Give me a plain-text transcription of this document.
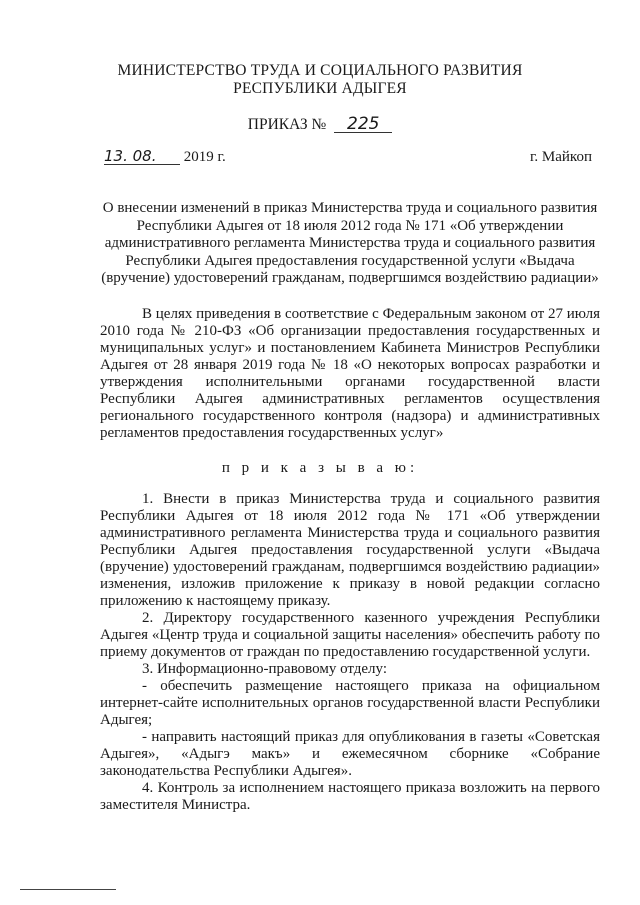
МИНИСТЕРСТВО ТРУДА И СОЦИАЛЬНОГО РАЗВИТИЯ
РЕСПУБЛИКИ АДЫГЕЯ
ПРИКАЗ № 225
13. 08. 2019 г.	г. Майкоп
О внесении изменений в приказ Министерства труда и социального развития Республики Адыгея от 18 июля 2012 года № 171 «Об утверждении административного регламента Министерства труда и социального развития Республики Адыгея предоставления государственной услуги «Выдача (вручение) удостоверений гражданам, подвергшимся воздействию радиации»

В целях приведения в соответствие с Федеральным законом от 27 июля 2010 года № 210-ФЗ «Об организации предоставления государственных и муниципальных услуг» и постановлением Кабинета Министров Республики Адыгея от 28 января 2019 года № 18 «О некоторых вопросах разработки и утверждения исполнительными органами государственной власти Республики Адыгея административных регламентов осуществления регионального государственного контроля (надзора) и административных регламентов предоставления государственных услуг»

п р и к а з ы в а ю:

1. Внести в приказ Министерства труда и социального развития Республики Адыгея от 18 июля 2012 года № 171 «Об утверждении административного регламента Министерства труда и социального развития Республики Адыгея предоставления государственной услуги «Выдача (вручение) удостоверений гражданам, подвергшимся воздействию радиации» изменения, изложив приложение к приказу в новой редакции согласно приложению к настоящему приказу.

2. Директору государственного казенного учреждения Республики Адыгея «Центр труда и социальной защиты населения» обеспечить работу по приему документов от граждан по предоставлению государственной услуги.

3. Информационно-правовому отделу:

- обеспечить размещение настоящего приказа на официальном интернет-сайте исполнительных органов государственной власти Республики Адыгея;

- направить настоящий приказ для опубликования в газеты «Советская Адыгея», «Адыгэ макъ» и ежемесячном сборнике «Собрание законодательства Республики Адыгея».

4. Контроль за исполнением настоящего приказа возложить на первого заместителя Министра.
